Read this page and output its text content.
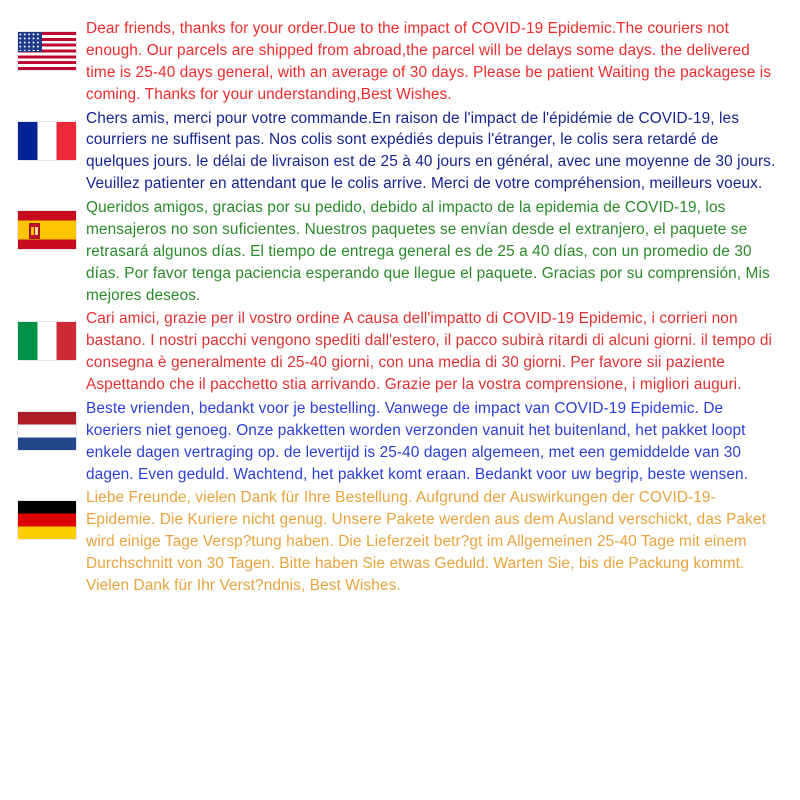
Dear friends, thanks for your order.Due to the impact of COVID-19 Epidemic.The couriers not enough. Our parcels are shipped from abroad,the parcel will be delays some days. the delivered time is 25-40 days general, with an average of 30 days. Please be patient Waiting the packagese is coming. Thanks for your understanding,Best Wishes.
Chers amis, merci pour votre commande.En raison de l'impact de l'épidémie de COVID-19, les courriers ne suffisent pas. Nos colis sont expédiés depuis l'étranger, le colis sera retardé de quelques jours. le délai de livraison est de 25 à 40 jours en général, avec une moyenne de 30 jours. Veuillez patienter en attendant que le colis arrive. Merci de votre compréhension, meilleurs voeux.
Queridos amigos, gracias por su pedido, debido al impacto de la epidemia de COVID-19, los mensajeros no son suficientes. Nuestros paquetes se envían desde el extranjero, el paquete se retrasará algunos días. El tiempo de entrega general es de 25 a 40 días, con un promedio de 30 días. Por favor tenga paciencia esperando que llegue el paquete. Gracias por su comprensión, Mis mejores deseos.
Cari amici, grazie per il vostro ordine A causa dell'impatto di COVID-19 Epidemic, i corrieri non bastano. I nostri pacchi vengono spediti dall'estero, il pacco subirà ritardi di alcuni giorni. il tempo di consegna è generalmente di 25-40 giorni, con una media di 30 giorni. Per favore sii paziente Aspettando che il pacchetto stia arrivando. Grazie per la vostra comprensione, i migliori auguri.
Beste vrienden, bedankt voor je bestelling. Vanwege de impact van COVID-19 Epidemic. De koeriers niet genoeg. Onze pakketten worden verzonden vanuit het buitenland, het pakket loopt enkele dagen vertraging op. de levertijd is 25-40 dagen algemeen, met een gemiddelde van 30 dagen. Even geduld. Wachtend, het pakket komt eraan. Bedankt voor uw begrip, beste wensen.
Liebe Freunde, vielen Dank für Ihre Bestellung. Aufgrund der Auswirkungen der COVID-19-Epidemie. Die Kuriere nicht genug. Unsere Pakete werden aus dem Ausland verschickt, das Paket wird einige Tage Versp?tung haben. Die Lieferzeit betr?gt im Allgemeinen 25-40 Tage mit einem Durchschnitt von 30 Tagen. Bitte haben Sie etwas Geduld. Warten Sie, bis die Packung kommt. Vielen Dank für Ihr Verst?ndnis, Best Wishes.
